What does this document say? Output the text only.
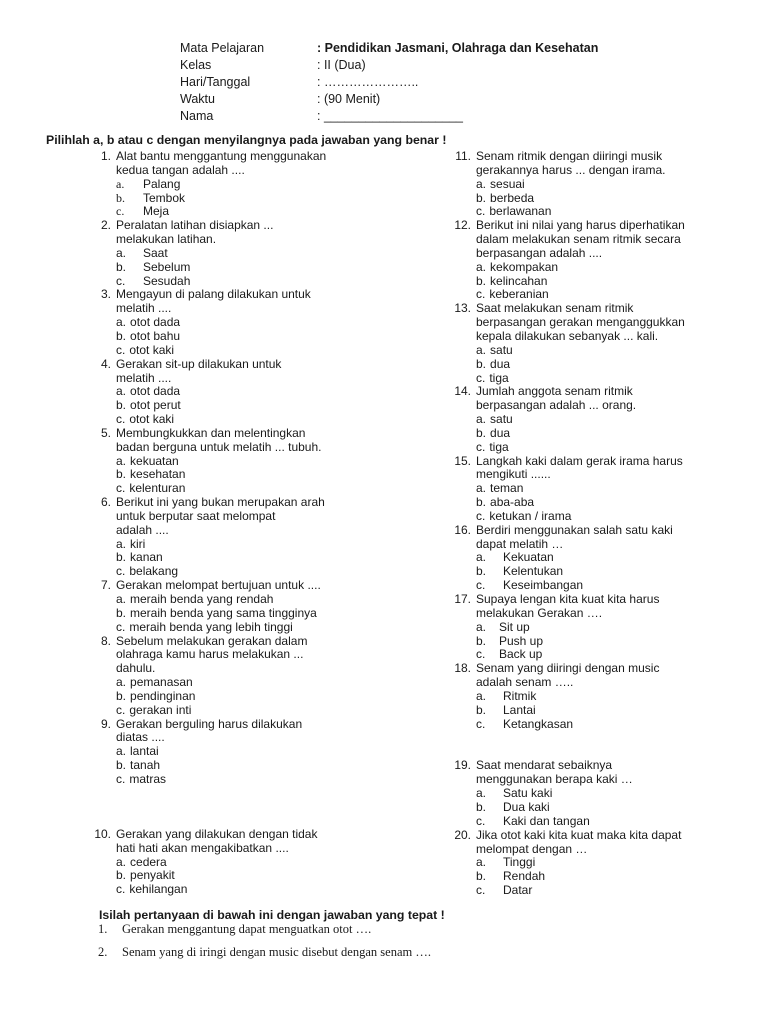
Mata Pelajaran	: Pendidikan Jasmani, Olahraga dan Kesehatan
Kelas	: II (Dua)
Hari/Tanggal	: …………………..
Waktu	: (90 Menit)
Nama	: ____________________
Pilihlah a, b atau c dengan menyilangnya pada jawaban yang benar !
1. Alat bantu menggantung menggunakan
kedua tangan adalah ....
a.	Palang
b.	Tembok
c.	Meja
2. Peralatan latihan disiapkan ...
melakukan latihan.
a.	Saat
b.	Sebelum
c.	Sesudah
3. Mengayun di palang dilakukan untuk
melatih ....
a. otot dada
b. otot bahu
c. otot kaki
4. Gerakan sit-up dilakukan untuk
melatih ....
a. otot dada
b. otot perut
c. otot kaki
5. Membungkukkan dan melentingkan
badan berguna untuk melatih ... tubuh.
a. kekuatan
b. kesehatan
c. kelenturan
6. Berikut ini yang bukan merupakan arah
untuk berputar saat melompat
adalah ....
a. kiri
b. kanan
c. belakang
7. Gerakan melompat bertujuan untuk ....
a. meraih benda yang rendah
b. meraih benda yang sama tingginya
c. meraih benda yang lebih tinggi
8. Sebelum melakukan gerakan dalam
olahraga kamu harus melakukan ...
dahulu.
a. pemanasan
b. pendinginan
c. gerakan inti
9. Gerakan berguling harus dilakukan
diatas ....
a. lantai
b. tanah
c. matras
10. Gerakan yang dilakukan dengan tidak
hati hati akan mengakibatkan ....
a. cedera
b. penyakit
c. kehilangan
11. Senam ritmik dengan diiringi musik
gerakannya harus ... dengan irama.
a. sesuai
b. berbeda
c. berlawanan
12. Berikut ini nilai yang harus diperhatikan
dalam melakukan senam ritmik secara
berpasangan adalah ....
a. kekompakan
b. kelincahan
c. keberanian
13. Saat melakukan senam ritmik
berpasangan gerakan menganggukkan
kepala dilakukan sebanyak ... kali.
a. satu
b. dua
c. tiga
14. Jumlah anggota senam ritmik
berpasangan adalah ... orang.
a. satu
b. dua
c. tiga
15. Langkah kaki dalam gerak irama harus
mengikuti ......
a. teman
b. aba-aba
c. ketukan / irama
16. Berdiri menggunakan salah satu kaki
dapat melatih …
a.	Kekuatan
b.	Kelentukan
c.	Keseimbangan
17. Supaya lengan kita kuat kita harus
melakukan Gerakan ….
a.	Sit up
b.	Push up
c.	Back up
18. Senam yang diiringi dengan music
adalah senam …..
a.	Ritmik
b.	Lantai
c.	Ketangkasan
19. Saat mendarat sebaiknya
menggunakan berapa kaki …
a.	Satu kaki
b.	Dua kaki
c.	Kaki dan tangan
20. Jika otot kaki kita kuat maka kita dapat
melompat dengan …
a.	Tinggi
b.	Rendah
c.	Datar
Isilah pertanyaan di bawah ini dengan jawaban yang tepat !
1. Gerakan menggantung dapat menguatkan otot ….
2. Senam yang di iringi dengan music disebut dengan senam ….
